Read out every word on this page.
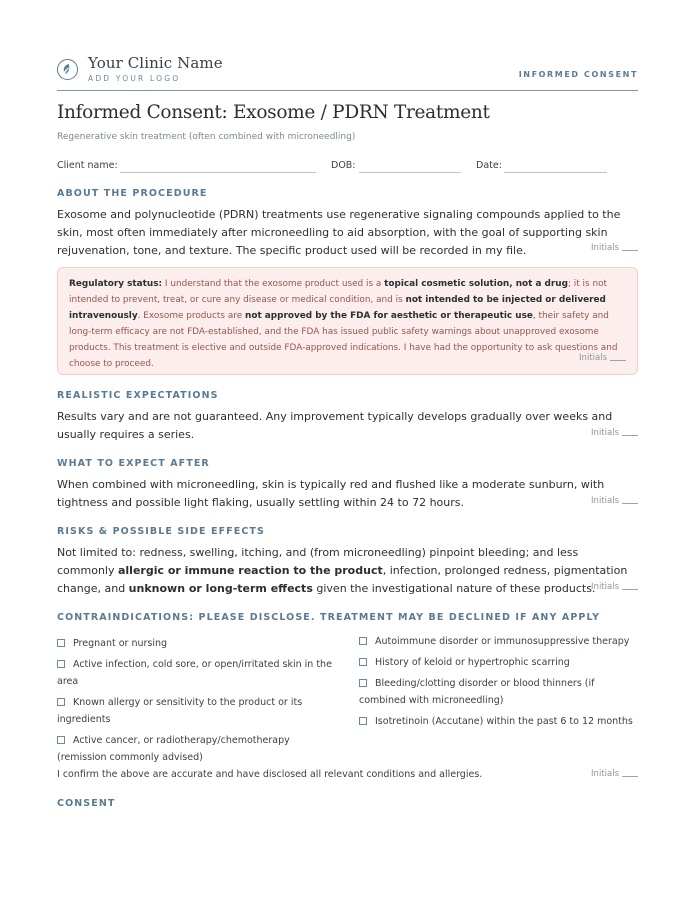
Your Clinic Name
ADD YOUR LOGO	INFORMED CONSENT
Informed Consent: Exosome / PDRN Treatment
Regenerative skin treatment (often combined with microneedling)
Client name:	DOB:	Date:
ABOUT THE PROCEDURE
Exosome and polynucleotide (PDRN) treatments use regenerative signaling compounds applied to the skin, most often immediately after microneedling to aid absorption, with the goal of supporting skin rejuvenation, tone, and texture. The specific product used will be recorded in my file.	Initials
Regulatory status: I understand that the exosome product used is a topical cosmetic solution, not a drug; it is not intended to prevent, treat, or cure any disease or medical condition, and is not intended to be injected or delivered intravenously. Exosome products are not approved by the FDA for aesthetic or therapeutic use, their safety and long-term efficacy are not FDA-established, and the FDA has issued public safety warnings about unapproved exosome products. This treatment is elective and outside FDA-approved indications. I have had the opportunity to ask questions and choose to proceed.
Initials
REALISTIC EXPECTATIONS
Results vary and are not guaranteed. Any improvement typically develops gradually over weeks and usually requires a series.	Initials
WHAT TO EXPECT AFTER
When combined with microneedling, skin is typically red and flushed like a moderate sunburn, with tightness and possible light flaking, usually settling within 24 to 72 hours.	Initials
RISKS & POSSIBLE SIDE EFFECTS
Not limited to: redness, swelling, itching, and (from microneedling) pinpoint bleeding; and less commonly allergic or immune reaction to the product, infection, prolonged redness, pigmentation change, and unknown or long-term effects given the investigational nature of these products.
Initials
CONTRAINDICATIONS: PLEASE DISCLOSE. TREATMENT MAY BE DECLINED IF ANY APPLY
Pregnant or nursing
Active infection, cold sore, or open/irritated skin in the area
Known allergy or sensitivity to the product or its ingredients
Active cancer, or radiotherapy/chemotherapy (remission commonly advised)
Autoimmune disorder or immunosuppressive therapy
History of keloid or hypertrophic scarring
Bleeding/clotting disorder or blood thinners (if combined with microneedling)
Isotretinoin (Accutane) within the past 6 to 12 months
I confirm the above are accurate and have disclosed all relevant conditions and allergies.	Initials
CONSENT
